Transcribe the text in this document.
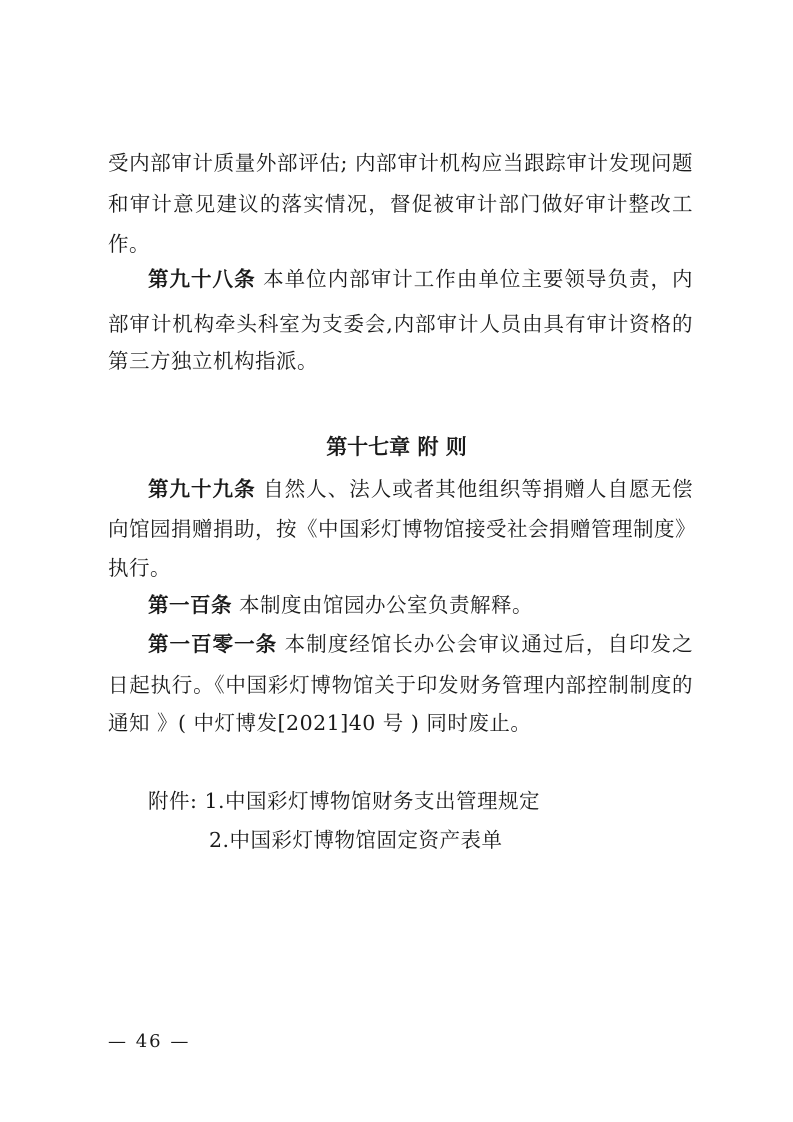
受内部审计质量外部评估; 内部审计机构应当跟踪审计发现问题
和审计意见建议的落实情况，督促被审计部门做好审计整改工
作。
第九十八条 本单位内部审计工作由单位主要领导负责，内
部审计机构牵头科室为支委会,内部审计人员由具有审计资格的
第三方独立机构指派。
第十七章 附 则
第九十九条 自然人、法人或者其他组织等捐赠人自愿无偿
向馆园捐赠捐助，按《中国彩灯博物馆接受社会捐赠管理制度》
执行。
第一百条 本制度由馆园办公室负责解释。
第一百零一条 本制度经馆长办公会审议通过后，自印发之
日起执行。《中国彩灯博物馆关于印发财务管理内部控制制度的
通知 》( 中灯博发[2021]40 号 ) 同时废止。
附件: 1.中国彩灯博物馆财务支出管理规定
2.中国彩灯博物馆固定资产表单
— 46 —
